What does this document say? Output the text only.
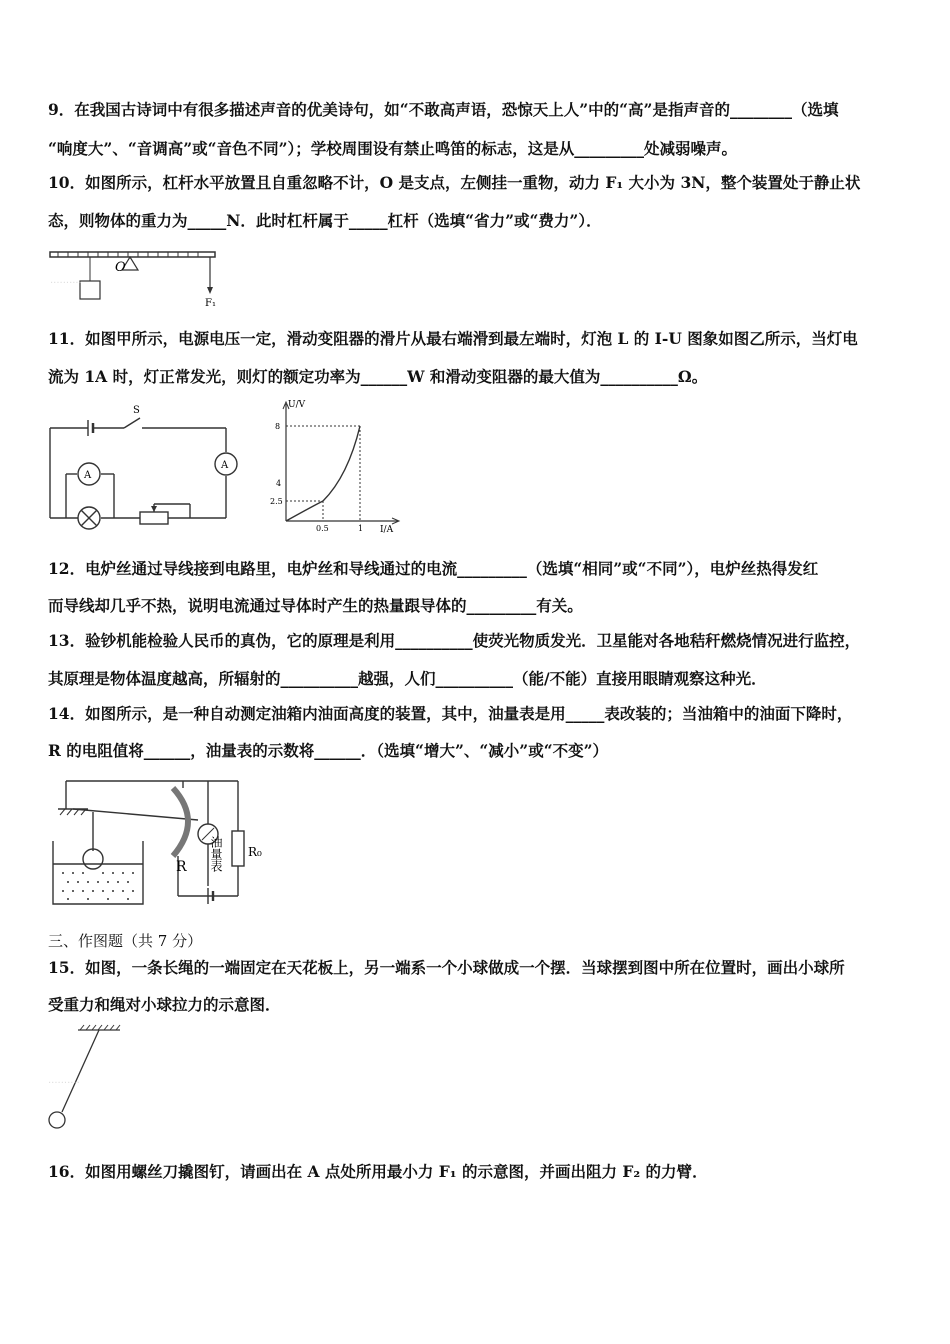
9．在我国古诗词中有很多描述声音的优美诗句，如“不敢高声语，恐惊天上人”中的“高”是指声音的________（选填
“响度大”、“音调高”或“音色不同”）；学校周围设有禁止鸣笛的标志，这是从_________处减弱噪声。
10．如图所示，杠杆水平放置且自重忽略不计，O 是支点，左侧挂一重物，动力 F₁ 大小为 3N，整个装置处于静止状
态，则物体的重力为_____N．此时杠杆属于_____杠杆（选填“省力”或“费力”）．
O
F₁
··········
11．如图甲所示，电源电压一定，滑动变阻器的滑片从最右端滑到最左端时，灯泡 L 的 I-U 图象如图乙所示，当灯电
流为 1A 时，灯正常发光，则灯的额定功率为______W 和滑动变阻器的最大值为__________Ω。
S
A
A
U/V
I/A
8
4
2.5
0.5	1
12．电炉丝通过导线接到电路里，电炉丝和导线通过的电流_________（选填“相同”或“不同”），电炉丝热得发红
而导线却几乎不热，说明电流通过导体时产生的热量跟导体的_________有关。
13．验钞机能检验人民币的真伪，它的原理是利用__________使荧光物质发光．卫星能对各地秸秆燃烧情况进行监控，
其原理是物体温度越高，所辐射的__________越强，人们__________（能/不能）直接用眼睛观察这种光．
14．如图所示，是一种自动测定油箱内油面高度的装置，其中，油量表是用_____表改装的；当油箱中的油面下降时，
R 的电阻值将______，油量表的示数将______．（选填“增大”、“减小”或“不变”）
R
R₀
油量表
三、作图题（共 7 分）
15．如图，一条长绳的一端固定在天花板上，另一端系一个小球做成一个摆．当球摆到图中所在位置时，画出小球所
受重力和绳对小球拉力的示意图．
··········
16．如图用螺丝刀撬图钉，请画出在 A 点处所用最小力 F₁ 的示意图，并画出阻力 F₂ 的力臂．
